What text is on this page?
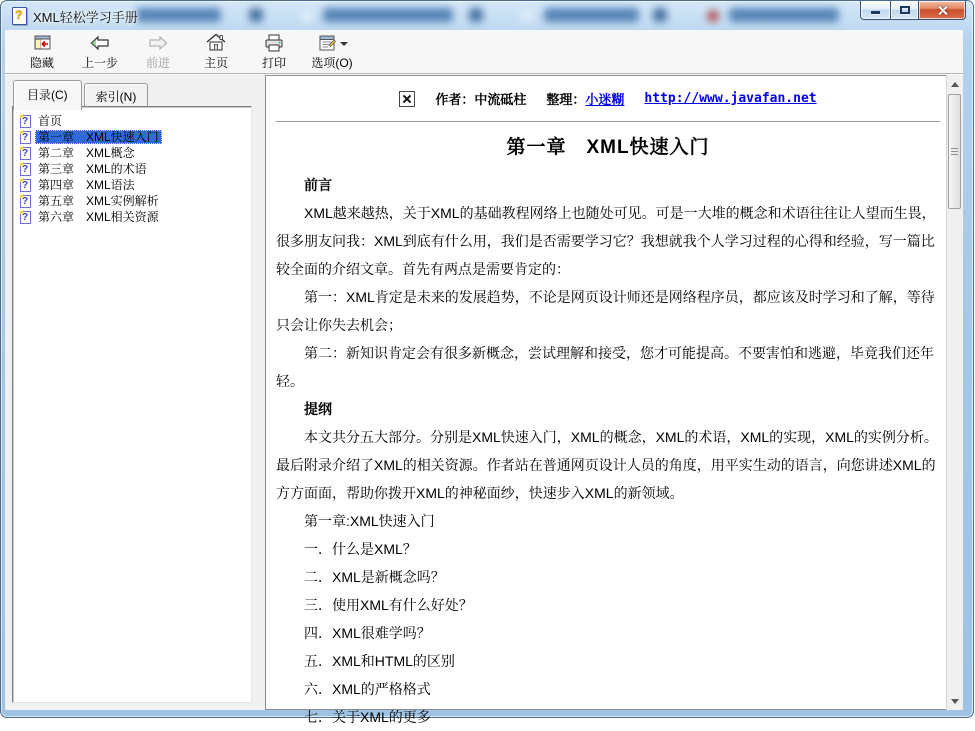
?
XML轻松学习手册
隐藏 上一步 前进	主页	打印 选项(O)
目录(C)	索引(N)
?
首页
?
第一章　XML快速入门
?
第二章　XML概念
?
第三章　XML的术语
?
第四章　XML语法
?
第五章　XML实例解析
?
第六章　XML相关资源
作者：中流砥柱 整理：小迷糊 http://www.javafan.net
第一章　XML快速入门

前言

XML越来越热，关于XML的基础教程网络上也随处可见。可是一大堆的概念和术语往往让人望而生畏，很多朋友问我：XML到底有什么用，我们是否需要学习它？我想就我个人学习过程的心得和经验，写一篇比较全面的介绍文章。首先有两点是需要肯定的：

第一：XML肯定是未来的发展趋势，不论是网页设计师还是网络程序员，都应该及时学习和了解，等待只会让你失去机会；

第二：新知识肯定会有很多新概念，尝试理解和接受，您才可能提高。不要害怕和逃避，毕竟我们还年轻。

提纲

本文共分五大部分。分别是XML快速入门，XML的概念，XML的术语，XML的实现，XML的实例分析。最后附录介绍了XML的相关资源。作者站在普通网页设计人员的角度，用平实生动的语言，向您讲述XML的方方面面，帮助你拨开XML的神秘面纱，快速步入XML的新领域。

第一章:XML快速入门

一．什么是XML？

二．XML是新概念吗？

三．使用XML有什么好处？

四．XML很难学吗？

五．XML和HTML的区别

六．XML的严格格式

七．关于XML的更多
